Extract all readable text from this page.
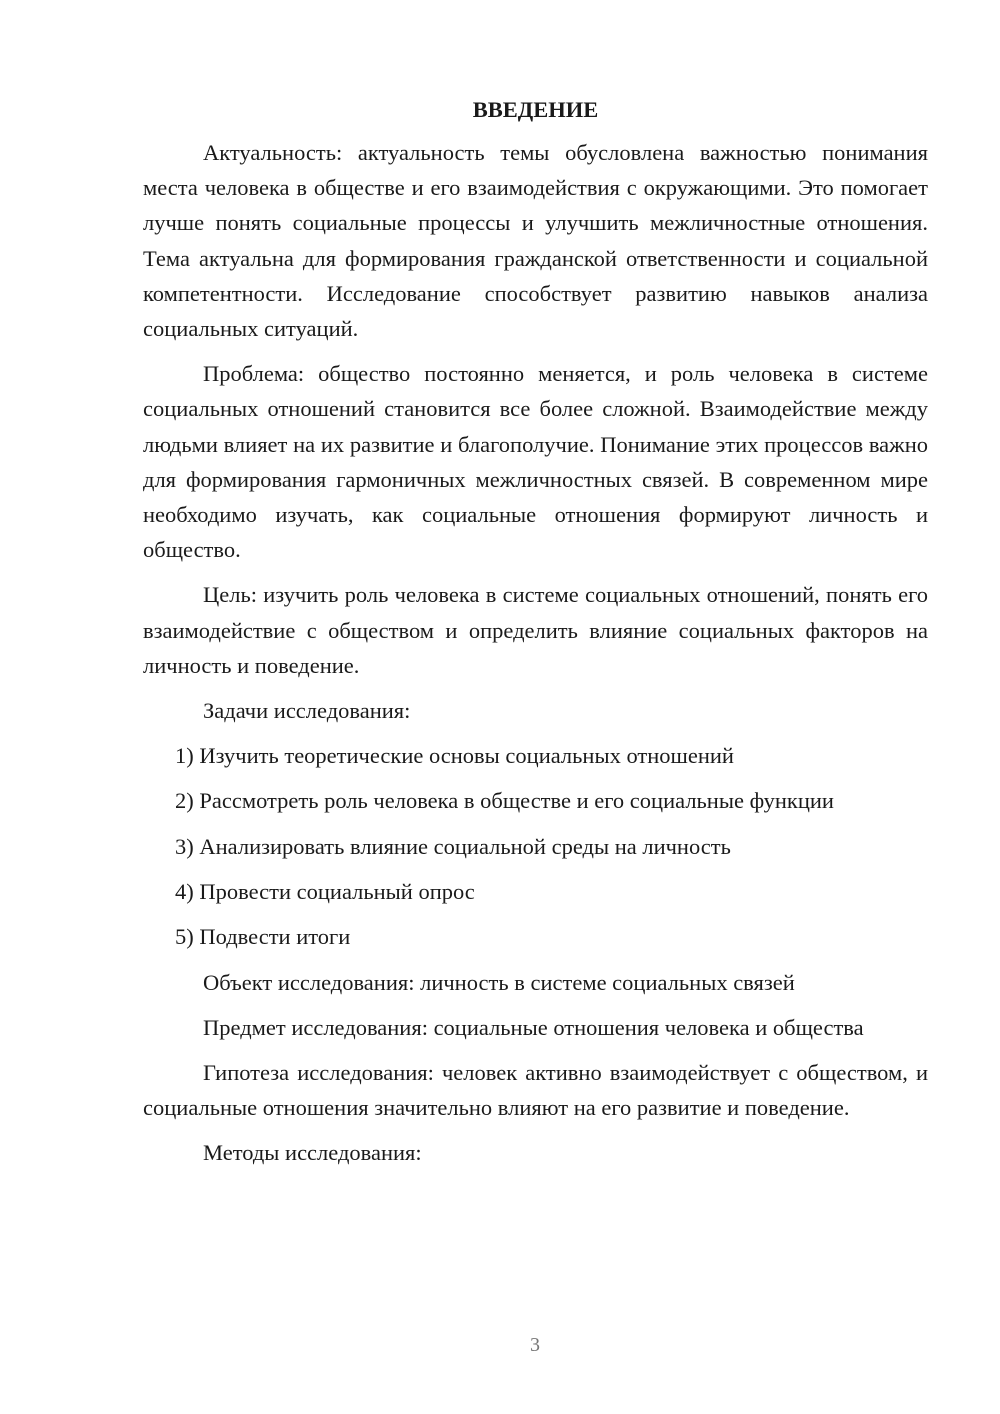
ВВЕДЕНИЕ

Актуальность: актуальность темы обусловлена важностью понимания места человека в обществе и его взаимодействия с окружающими. Это помогает лучше понять социальные процессы и улучшить межличностные отношения. Тема актуальна для формирования гражданской ответственности и социальной компетентности. Исследование способствует развитию навыков анализа социальных ситуаций.

Проблема: общество постоянно меняется, и роль человека в системе социальных отношений становится все более сложной. Взаимодействие между людьми влияет на их развитие и благополучие. Понимание этих процессов важно для формирования гармоничных межличностных связей. В современном мире необходимо изучать, как социальные отношения формируют личность и общество.

Цель: изучить роль человека в системе социальных отношений, понять его взаимодействие с обществом и определить влияние социальных факторов на личность и поведение.

Задачи исследования:

1) Изучить теоретические основы социальных отношений
2) Рассмотреть роль человека в обществе и его социальные функции
3) Анализировать влияние социальной среды на личность
4) Провести социальный опрос
5) Подвести итоги

Объект исследования: личность в системе социальных связей

Предмет исследования: социальные отношения человека и общества

Гипотеза исследования: человек активно взаимодействует с обществом, и социальные отношения значительно влияют на его развитие и поведение.

Методы исследования:

3
